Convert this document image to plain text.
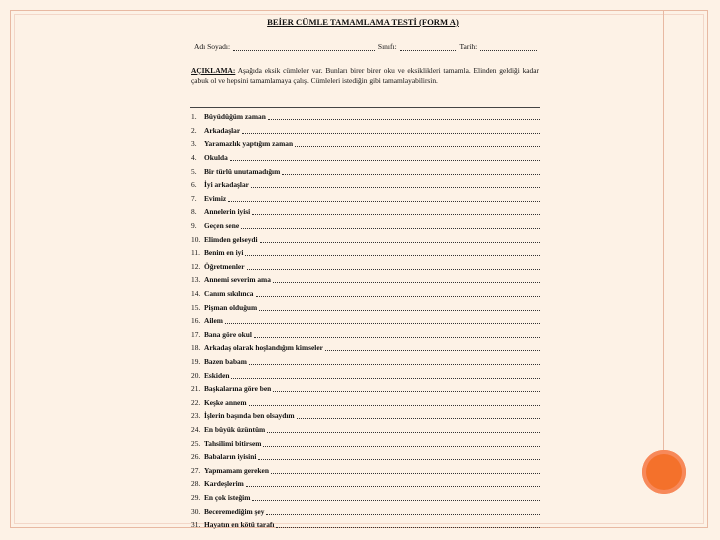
BEİER CÜMLE TAMAMLAMA TESTİ (FORM A)
Adı Soyadı:	Sınıfı:	Tarih:
AÇIKLAMA: Aşağıda eksik cümleler var. Bunları birer birer oku ve eksiklikleri tamamla. Elinden geldiği kadar çabuk ol ve hepsini tamamlamaya çalış. Cümleleri istediğin gibi tamamlayabilirsin.
1.	Büyüdüğüm zaman
2.	Arkadaşlar
3.	Yaramazlık yaptığım zaman
4.	Okulda
5.	Bir türlü unutamadığım
6.	İyi arkadaşlar
7.	Evimiz
8.	Annelerin iyisi
9.	Geçen sene
10. Elimden gelseydi
11. Benim en iyi
12. Öğretmenler
13. Annemi severim ama
14. Canım sıkılınca
15. Pişman olduğum
16. Ailem
17. Bana göre okul
18. Arkadaş olarak hoşlandığım kimseler
19. Bazen babam
20. Eskiden
21. Başkalarına göre ben
22. Keşke annem
23. İşlerin başında ben olsaydım
24. En büyük üzüntüm
25. Tahsilimi bitirsem
26. Babaların iyisini
27. Yapmamam gereken
28. Kardeşlerim
29. En çok isteğim
30. Beceremediğim şey
31. Hayatın en kötü tarafı
